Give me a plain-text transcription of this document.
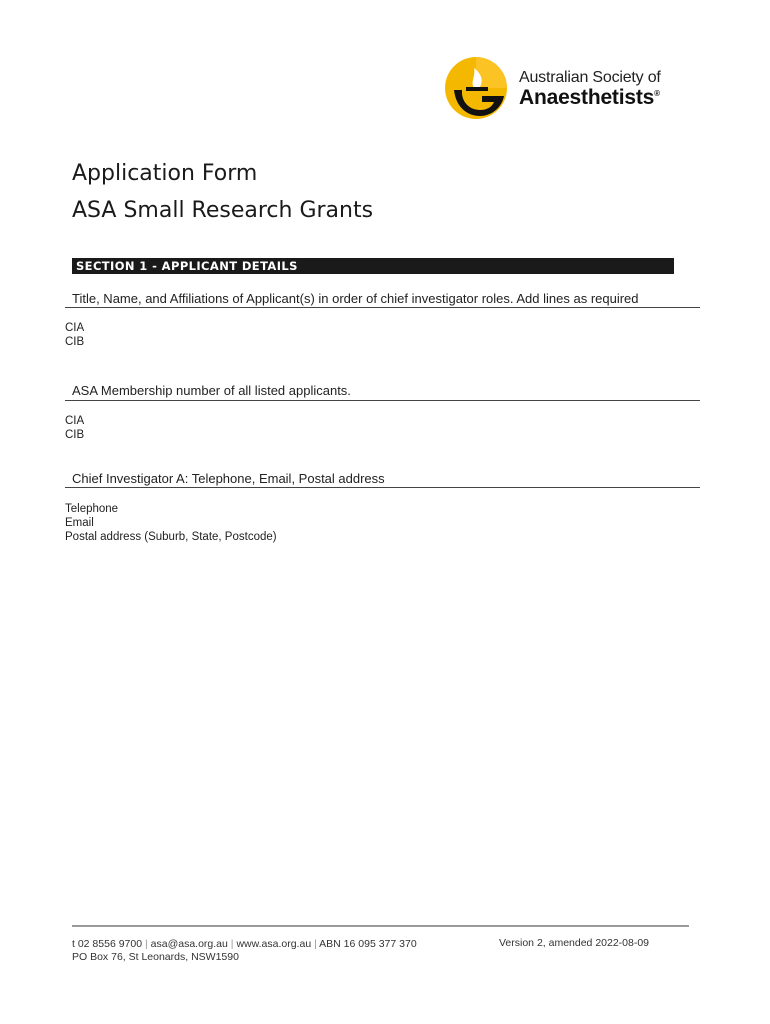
Australian Society of
Anaesthetists®
Application Form
ASA Small Research Grants
SECTION 1 - APPLICANT DETAILS
Title, Name, and Affiliations of Applicant(s) in order of chief investigator roles. Add lines as required
CIA
CIB
ASA Membership number of all listed applicants.
CIA
CIB
Chief Investigator A: Telephone, Email, Postal address
Telephone
Email
Postal address (Suburb, State, Postcode)
t 02 8556 9700 | asa@asa.org.au | www.asa.org.au | ABN 16 095 377 370
PO Box 76, St Leonards, NSW1590
Version 2, amended 2022-08-09
